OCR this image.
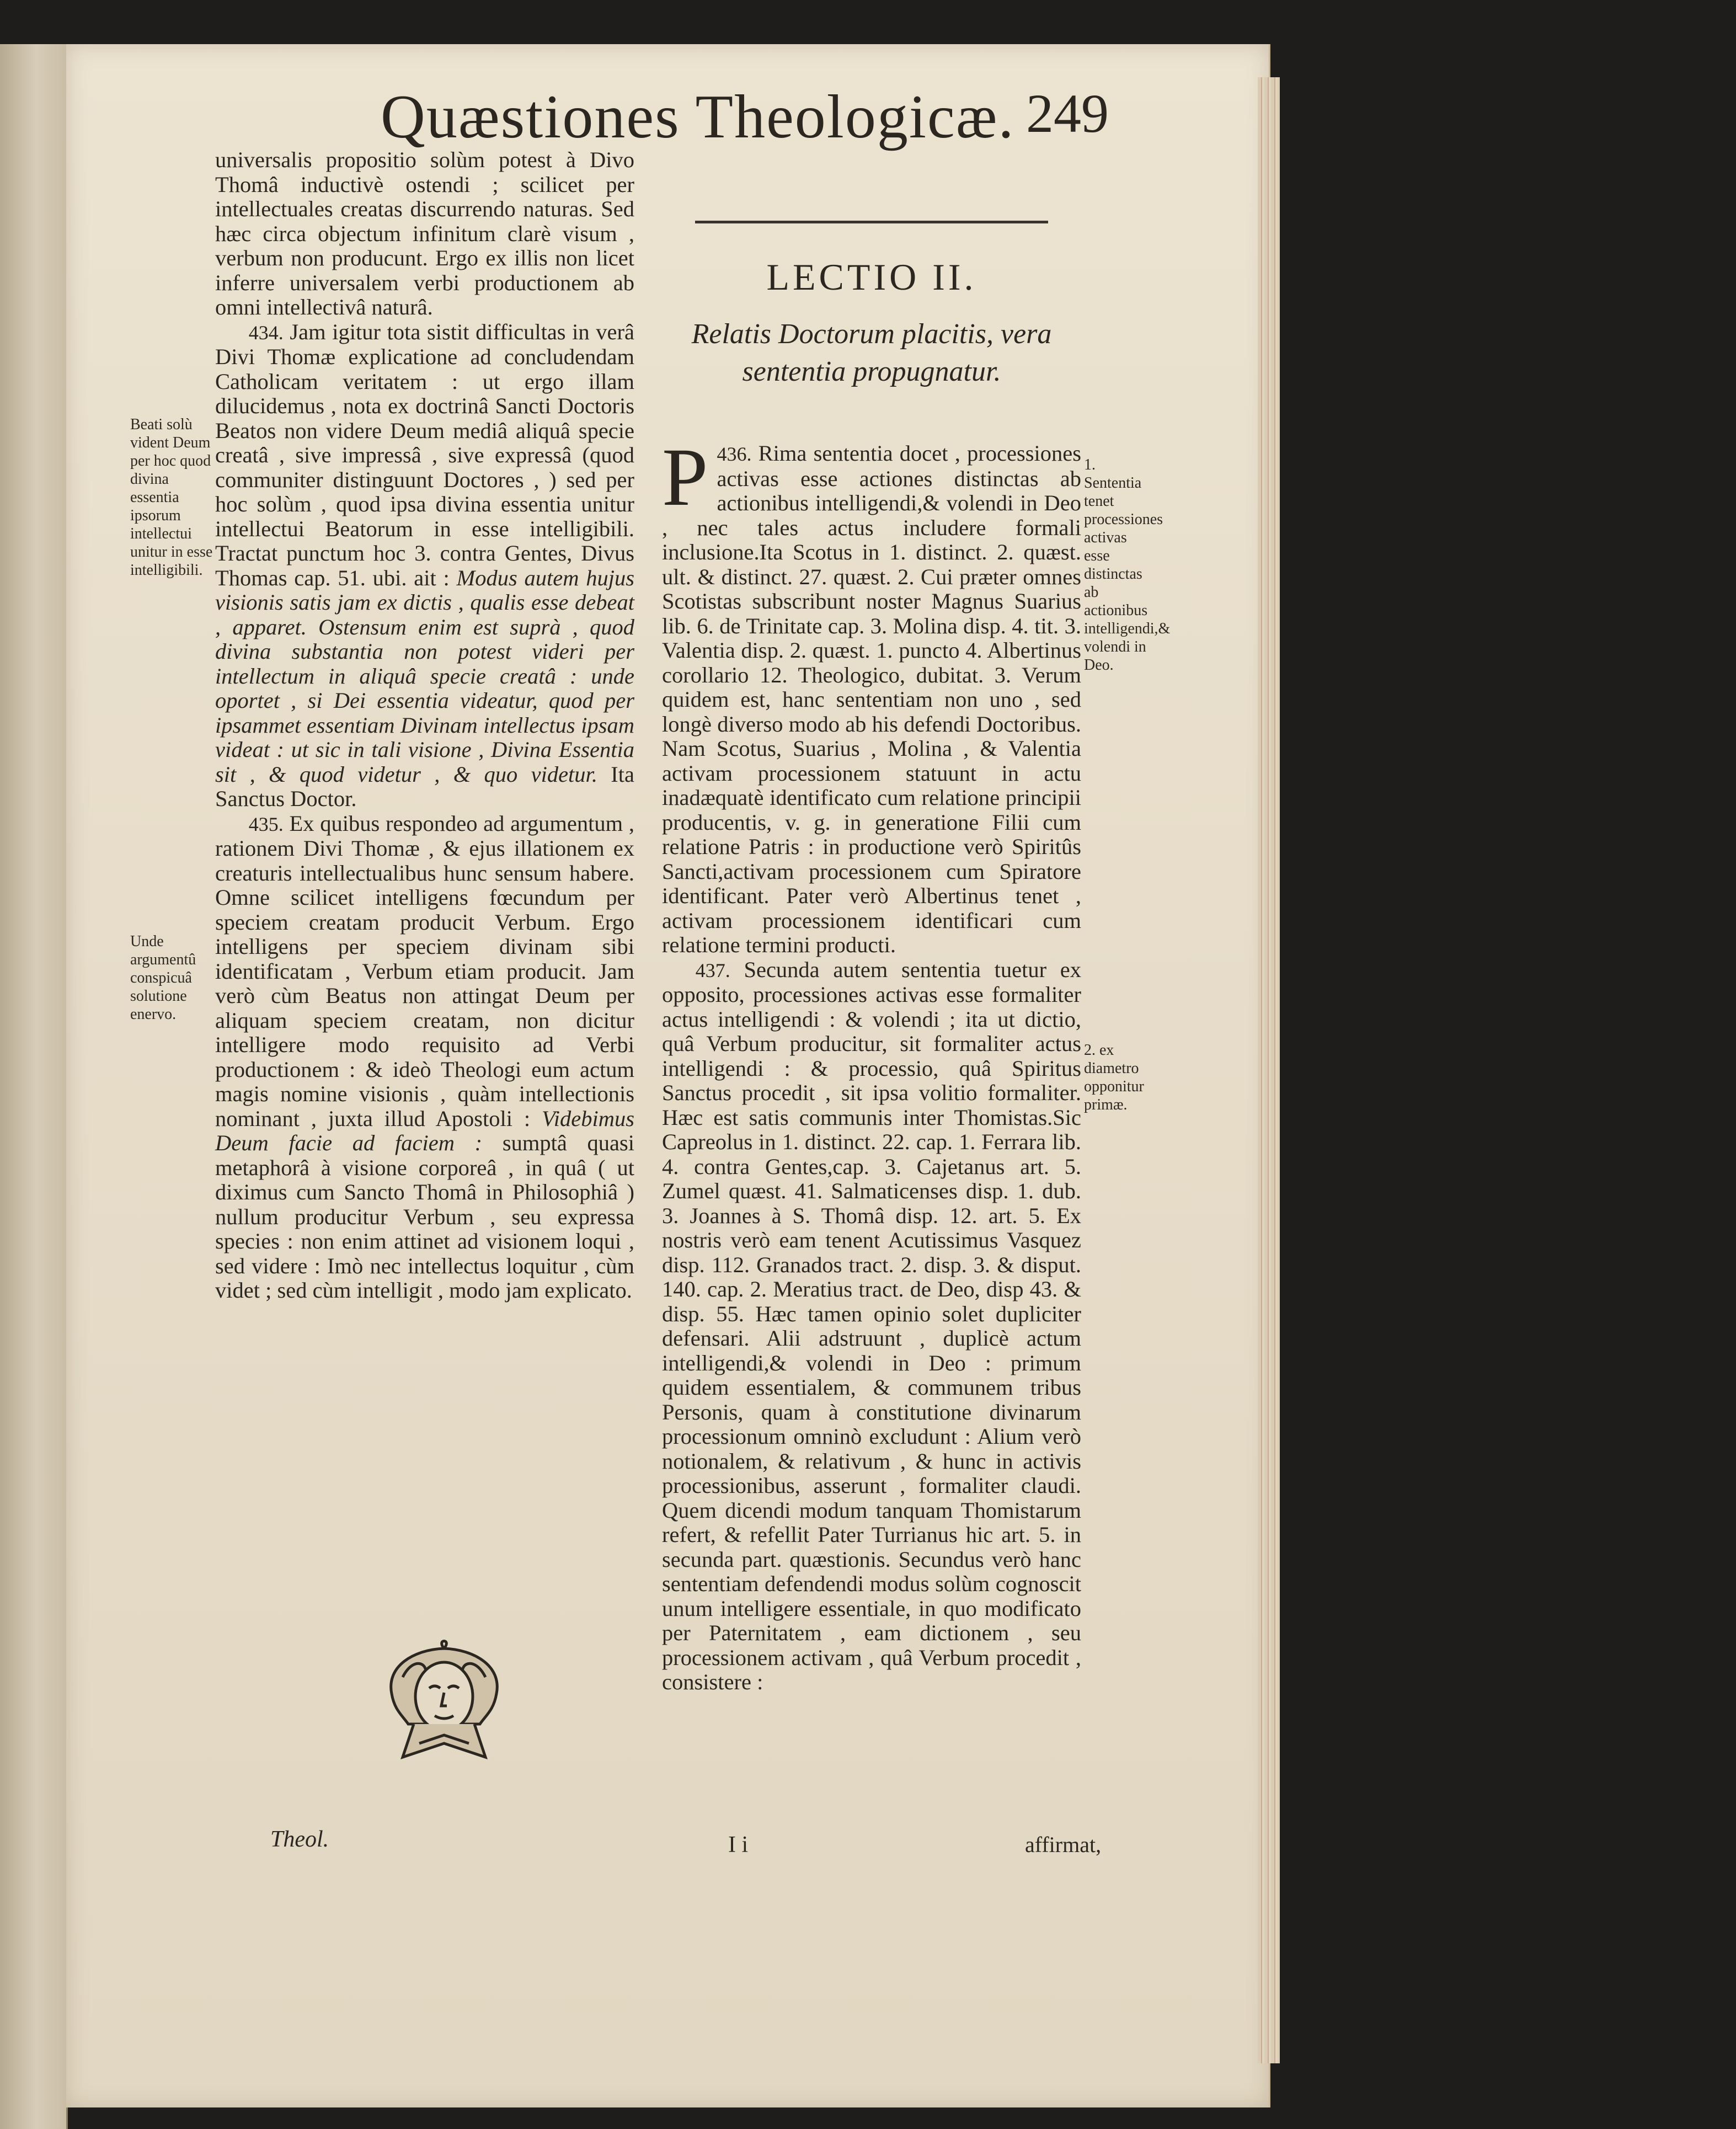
Quæstiones Theologicæ. 249

universalis propositio solùm potest à Divo Thomâ inductivè ostendi ; scilicet per intellectuales creatas discurrendo naturas. Sed hæc circa objectum infinitum clarè visum , verbum non producunt. Ergo ex illis non licet inferre universalem verbi productionem ab omni intellectivâ naturâ.

434. Jam igitur tota sistit difficultas in verâ Divi Thomæ explicatione ad concludendam Catholicam veritatem : ut ergo illam dilucidemus , nota ex doctrinâ Sancti Doctoris Beatos non videre Deum mediâ aliquâ specie creatâ , sive impressâ , sive expressâ (quod communiter distinguunt Doctores , ) sed per hoc solùm , quod ipsa divina essentia unitur intellectui Beatorum in esse intelligibili. Tractat punctum hoc 3. contra Gentes, Divus Thomas cap. 51. ubi. ait : Modus autem hujus visionis satis jam ex dictis , qualis esse debeat , apparet. Ostensum enim est suprà , quod divina substantia non potest videri per intellectum in aliquâ specie creatâ : unde oportet , si Dei essentia videatur, quod per ipsammet essentiam Divinam intellectus ipsam videat : ut sic in tali visione , Divina Essentia sit , & quod videtur , & quo videtur. Ita Sanctus Doctor.

435. Ex quibus respondeo ad argumentum , rationem Divi Thomæ , & ejus illationem ex creaturis intellectualibus hunc sensum habere. Omne scilicet intelligens fœcundum per speciem creatam producit Verbum. Ergo intelligens per speciem divinam sibi identificatam , Verbum etiam producit. Jam verò cùm Beatus non attingat Deum per aliquam speciem creatam, non dicitur intelligere modo requisito ad Verbi productionem : & ideò Theologi eum actum magis nomine visionis , quàm intellectionis nominant , juxta illud Apostoli : Videbimus Deum facie ad faciem : sumptâ quasi metaphorâ à visione corporeâ , in quâ ( ut diximus cum Sancto Thomâ in Philosophiâ ) nullum producitur Verbum , seu expressa species : non enim attinet ad visionem loqui , sed videre : Imò nec intellectus loquitur , cùm videt ; sed cùm intelligit , modo jam explicato.

Beati solù vident Deum per hoc quod divina essentia ipsorum intellectui unitur in esse intelligibili.
Unde argumentû conspicuâ solutione enervo.
LECTIO II.
Relatis Doctorum placitis, vera sententia propugnatur.

436.
P Rima sententia docet , processiones activas esse actiones distinctas ab actionibus intelligendi,& volendi in Deo , nec tales actus includere formali inclusione.Ita Scotus in 1. distinct. 2. quæst. ult. & distinct. 27. quæst. 2. Cui præter omnes Scotistas subscribunt noster Magnus Suarius lib. 6. de Trinitate cap. 3. Molina disp. 4. tit. 3. Valentia disp. 2. quæst. 1. puncto 4. Albertinus corollario 12. Theologico, dubitat. 3. Verum quidem est, hanc sententiam non uno , sed longè diverso modo ab his defendi Doctoribus. Nam Scotus, Suarius , Molina , & Valentia activam processionem statuunt in actu inadæquatè identificato cum relatione principii producentis, v. g. in generatione Filii cum relatione Patris : in productione verò Spiritûs Sancti,activam processionem cum Spiratore identificant. Pater verò Albertinus tenet , activam processionem identificari cum relatione termini producti.

437. Secunda autem sententia tuetur ex opposito, processiones activas esse formaliter actus intelligendi : & volendi ; ita ut dictio, quâ Verbum producitur, sit formaliter actus intelligendi : & processio, quâ Spiritus Sanctus procedit , sit ipsa volitio formaliter. Hæc est satis communis inter Thomistas.Sic Capreolus in 1. distinct. 22. cap. 1. Ferrara lib. 4. contra Gentes,cap. 3. Cajetanus art. 5. Zumel quæst. 41. Salmaticenses disp. 1. dub. 3. Joannes à S. Thomâ disp. 12. art. 5. Ex nostris verò eam tenent Acutissimus Vasquez disp. 112. Granados tract. 2. disp. 3. & disput. 140. cap. 2. Meratius tract. de Deo, disp 43. & disp. 55. Hæc tamen opinio solet dupliciter defensari. Alii adstruunt , duplicè actum intelligendi,& volendi in Deo : primum quidem essentialem, & communem tribus Personis, quam à constitutione divinarum processionum omninò excludunt : Alium verò notionalem, & relativum , & hunc in activis processionibus, asserunt , formaliter claudi. Quem dicendi modum tanquam Thomistarum refert, & refellit Pater Turrianus hic art. 5. in secunda part. quæstionis. Secundus verò hanc sententiam defendendi modus solùm cognoscit unum intelligere essentiale, in quo modificato per Paternitatem , eam dictionem , seu processionem activam , quâ Verbum procedit , consistere :

1. Sententia tenet processiones activas esse distinctas ab actionibus intelligendi,& volendi in Deo.
2. ex diametro opponitur primæ.
Theol.	I i	affirmat,
